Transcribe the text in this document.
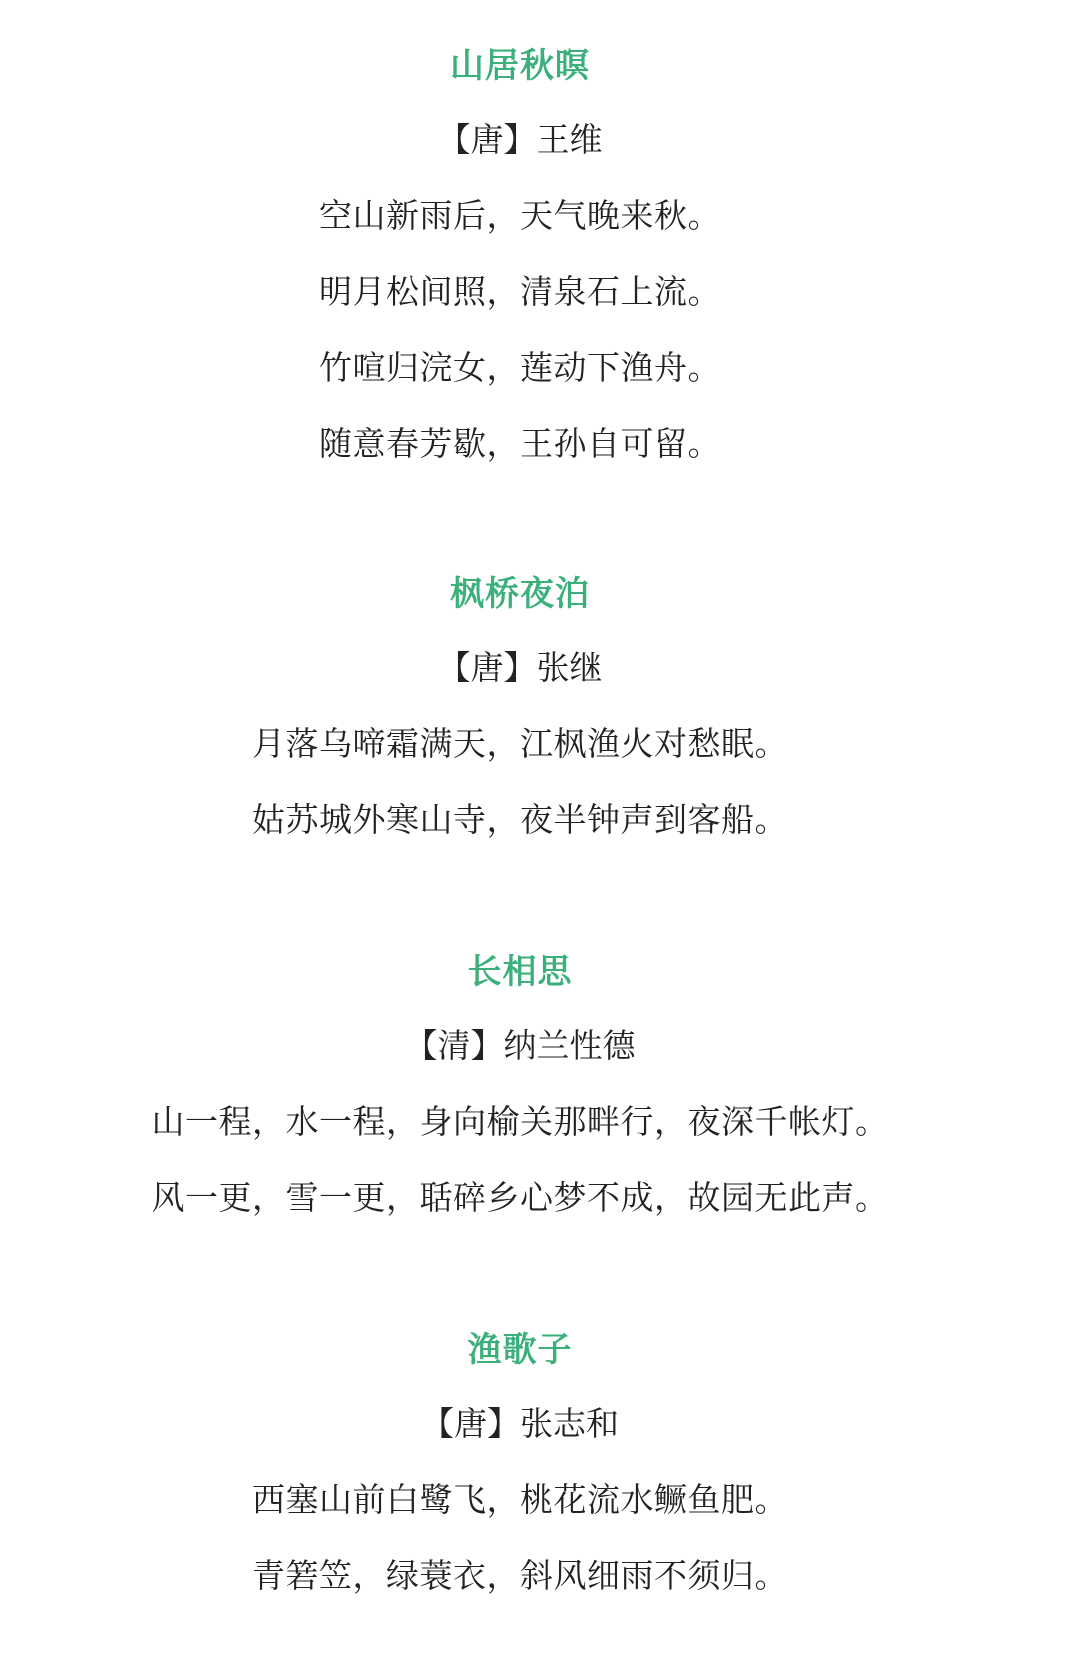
山居秋暝
【唐】王维
空山新雨后，天气晚来秋。
明月松间照，清泉石上流。
竹喧归浣女，莲动下渔舟。
随意春芳歇，王孙自可留。
枫桥夜泊
【唐】张继
月落乌啼霜满天，江枫渔火对愁眠。
姑苏城外寒山寺，夜半钟声到客船。
长相思
【清】纳兰性德
山一程，水一程，身向榆关那畔行，夜深千帐灯。
风一更，雪一更，聒碎乡心梦不成，故园无此声。
渔歌子
【唐】张志和
西塞山前白鹭飞，桃花流水鳜鱼肥。
青箬笠，绿蓑衣，斜风细雨不须归。
